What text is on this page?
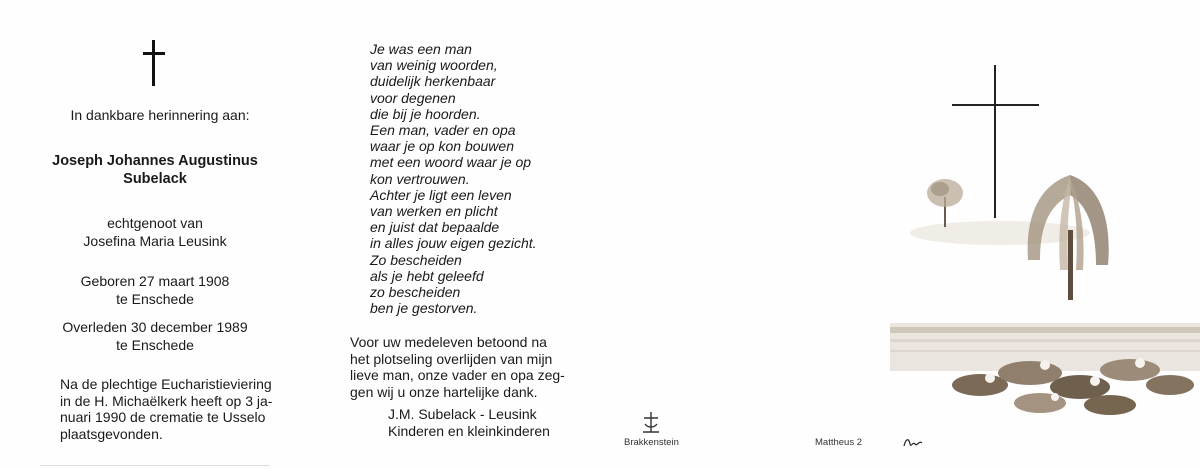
In dankbare herinnering aan:
Joseph Johannes Augustinus
Subelack
echtgenoot van
Josefina Maria Leusink
Geboren 27 maart 1908
te Enschede
Overleden 30 december 1989
te Enschede
Na de plechtige Eucharistieviering
in de H. Michaëlkerk heeft op 3 ja-
nuari 1990 de crematie te Usselo
plaatsgevonden.
Je was een man
van weinig woorden,
duidelijk herkenbaar
voor degenen
die bij je hoorden.
Een man, vader en opa
waar je op kon bouwen
met een woord waar je op
kon vertrouwen.
Achter je ligt een leven
van werken en plicht
en juist dat bepaalde
in alles jouw eigen gezicht.
Zo bescheiden
als je hebt geleefd
zo bescheiden
ben je gestorven.
Voor uw medeleven betoond na
het plotseling overlijden van mijn
lieve man, onze vader en opa zeg-
gen wij u onze hartelijke dank.
J.M. Subelack - Leusink
Kinderen en kleinkinderen
Brakkenstein	Mattheus 2
